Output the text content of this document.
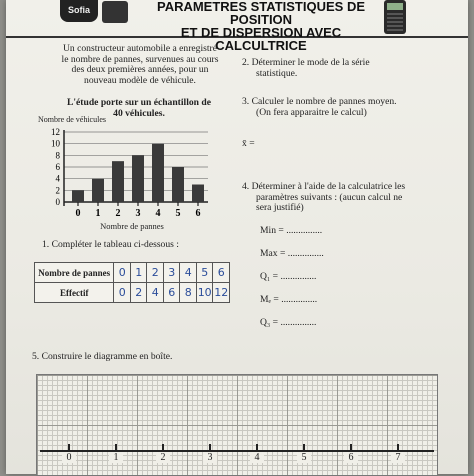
Sofia	PARAMETRES STATISTIQUES DE POSITION
ET DE DISPERSION AVEC CALCULTRICE
Un constructeur automobile a enregistré
le nombre de pannes, survenues au cours
des deux premières années, pour un
nouveau modèle de véhicule.
L'étude porte sur un échantillon de
40 véhicules.
Nombre de véhicules
0
2
4
6
8
10
12
0 1 2 3 4 5 6
Nombre de pannes
1. Compléter le tableau ci-dessous :
Nombre de pannes	0	1	2	3	4	5	6
Effectif	0	2	4	6	8	10	12
2. Déterminer le mode de la série
statistique.
3. Calculer le nombre de pannes moyen.
(On fera apparaitre le calcul)
x̄ =
4. Déterminer à l'aide de la calculatrice les
paramètres suivants : (aucun calcul ne
sera justifié)
Min = ...............
Max = ...............
Q₁ = ...............
Mₑ = ...............
Q₃ = ...............
5. Construire le diagramme en boîte.
0	1	2	3	4	5	6	7
